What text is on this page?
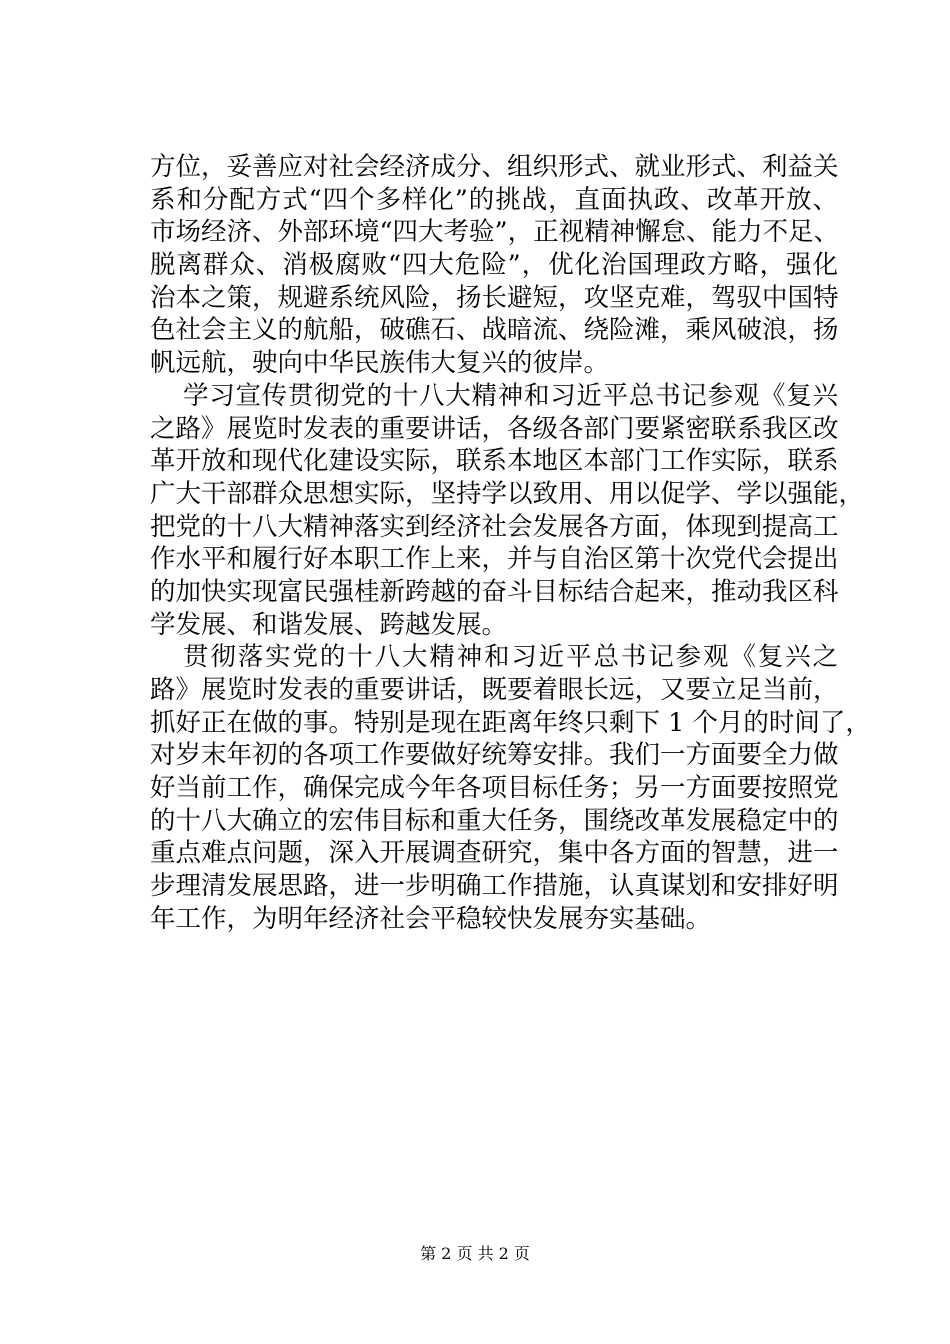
方位，妥善应对社会经济成分、组织形式、就业形式、利益关
系和分配方式“四个多样化”的挑战，直面执政、改革开放、
市场经济、外部环境“四大考验”，正视精神懈怠、能力不足、
脱离群众、消极腐败“四大危险”，优化治国理政方略，强化
治本之策，规避系统风险，扬长避短，攻坚克难，驾驭中国特
色社会主义的航船，破礁石、战暗流、绕险滩，乘风破浪，扬
帆远航，驶向中华民族伟大复兴的彼岸。
学习宣传贯彻党的十八大精神和习近平总书记参观《复兴
之路》展览时发表的重要讲话，各级各部门要紧密联系我区改
革开放和现代化建设实际，联系本地区本部门工作实际，联系
广大干部群众思想实际，坚持学以致用、用以促学、学以强能，
把党的十八大精神落实到经济社会发展各方面，体现到提高工
作水平和履行好本职工作上来，并与自治区第十次党代会提出
的加快实现富民强桂新跨越的奋斗目标结合起来，推动我区科
学发展、和谐发展、跨越发展。
贯彻落实党的十八大精神和习近平总书记参观《复兴之
路》展览时发表的重要讲话，既要着眼长远，又要立足当前，
抓好正在做的事。特别是现在距离年终只剩下 1 个月的时间了，
对岁末年初的各项工作要做好统筹安排。我们一方面要全力做
好当前工作，确保完成今年各项目标任务；另一方面要按照党
的十八大确立的宏伟目标和重大任务，围绕改革发展稳定中的
重点难点问题，深入开展调查研究，集中各方面的智慧，进一
步理清发展思路，进一步明确工作措施，认真谋划和安排好明
年工作，为明年经济社会平稳较快发展夯实基础。
第 2 页 共 2 页
